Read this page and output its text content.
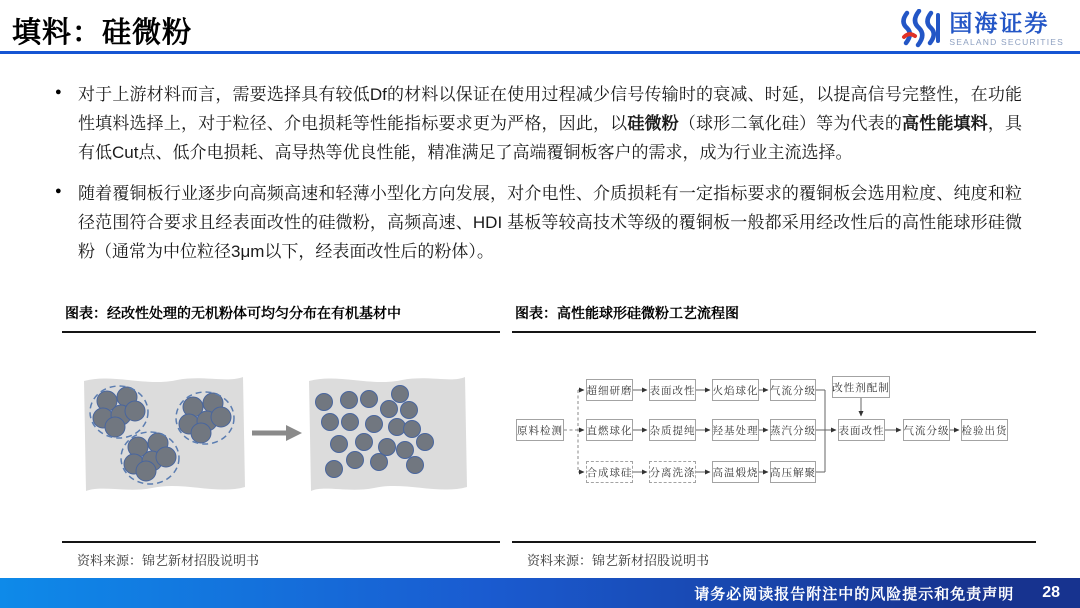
填料：硅微粉	国海证券
SEALAND SECURITIES
● 对于上游材料而言，需要选择具有较低Df的材料以保证在使用过程减少信号传输时的衰减、时延，以提高信号完整性，在功能性填料选择上，对于粒径、介电损耗等性能指标要求更为严格，因此，以硅微粉（球形二氧化硅）等为代表的高性能填料，具有低Cut点、低介电损耗、高导热等优良性能，精准满足了高端覆铜板客户的需求，成为行业主流选择。
● 随着覆铜板行业逐步向高频高速和轻薄小型化方向发展，对介电性、介质损耗有一定指标要求的覆铜板会选用粒度、纯度和粒径范围符合要求且经表面改性的硅微粉，高频高速、HDI 基板等较高技术等级的覆铜板一般都采用经改性后的高性能球形硅微粉（通常为中位粒径3μm以下，经表面改性后的粉体）。
图表：经改性处理的无机粉体可均匀分布在有机基材中
资料来源：锦艺新材招股说明书
图表：高性能球形硅微粉工艺流程图
原料检测
超细研磨 表面改性 火焰球化 气流分级
直燃球化 杂质提纯 羟基处理 蒸汽分级
合成球硅 分离洗涤 高温煅烧 高压解聚
改性剂配制
表面改性 气流分级 检验出货
资料来源：锦艺新材招股说明书
请务必阅读报告附注中的风险提示和免责声明 28
